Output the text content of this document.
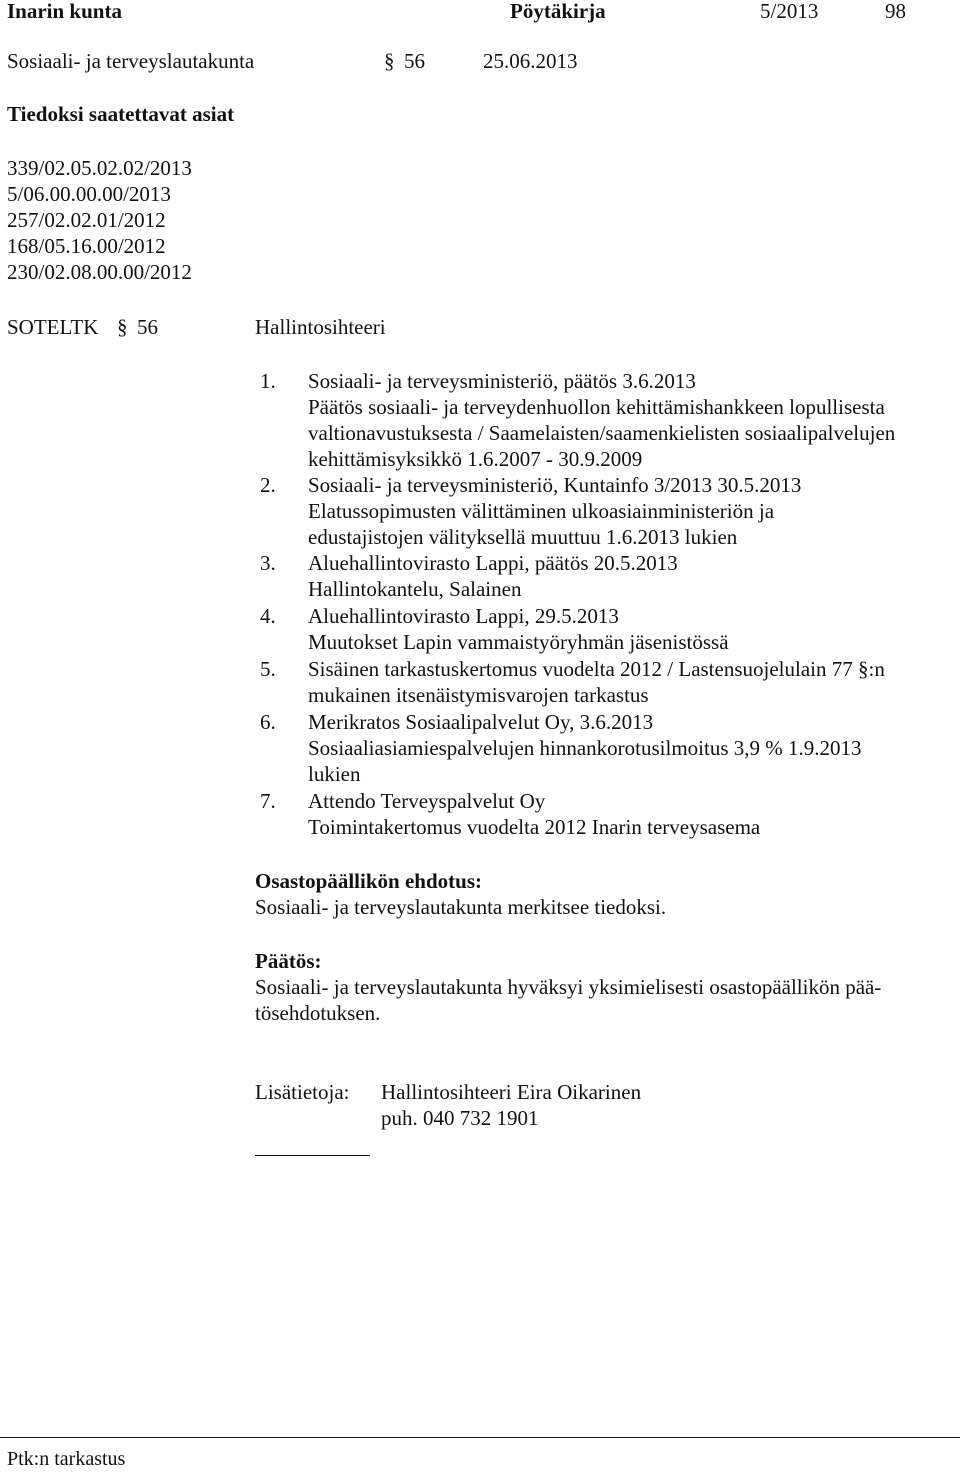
Inarin kunta	Pöytäkirja	5/2013	98
Sosiaali- ja terveyslautakunta	§ 56	25.06.2013
Tiedoksi saatettavat asiat
339/02.05.02.02/2013
5/06.00.00.00/2013
257/02.02.01/2012
168/05.16.00/2012
230/02.08.00.00/2012
SOTELTK § 56	Hallintosihteeri
1. Sosiaali- ja terveysministeriö, päätös 3.6.2013
Päätös sosiaali- ja terveydenhuollon kehittämishankkeen lopullisesta
valtionavustuksesta / Saamelaisten/saamenkielisten sosiaalipalvelujen
kehittämisyksikkö 1.6.2007 - 30.9.2009
2. Sosiaali- ja terveysministeriö, Kuntainfo 3/2013 30.5.2013
Elatussopimusten välittäminen ulkoasiainministeriön ja
edustajistojen välityksellä muuttuu 1.6.2013 lukien
3. Aluehallintovirasto Lappi, päätös 20.5.2013
Hallintokantelu, Salainen
4. Aluehallintovirasto Lappi, 29.5.2013
Muutokset Lapin vammaistyöryhmän jäsenistössä
5. Sisäinen tarkastuskertomus vuodelta 2012 / Lastensuojelulain 77 §:n
mukainen itsenäistymisvarojen tarkastus
6. Merikratos Sosiaalipalvelut Oy, 3.6.2013
Sosiaaliasiamiespalvelujen hinnankorotusilmoitus 3,9 % 1.9.2013
lukien
7. Attendo Terveyspalvelut Oy
Toimintakertomus vuodelta 2012 Inarin terveysasema
Osastopäällikön ehdotus:
Sosiaali- ja terveyslautakunta merkitsee tiedoksi.
Päätös:
Sosiaali- ja terveyslautakunta hyväksyi yksimielisesti osastopäällikön pää-
tösehdotuksen.
Lisätietoja: Hallintosihteeri Eira Oikarinen
puh. 040 732 1901
Ptk:n tarkastus
